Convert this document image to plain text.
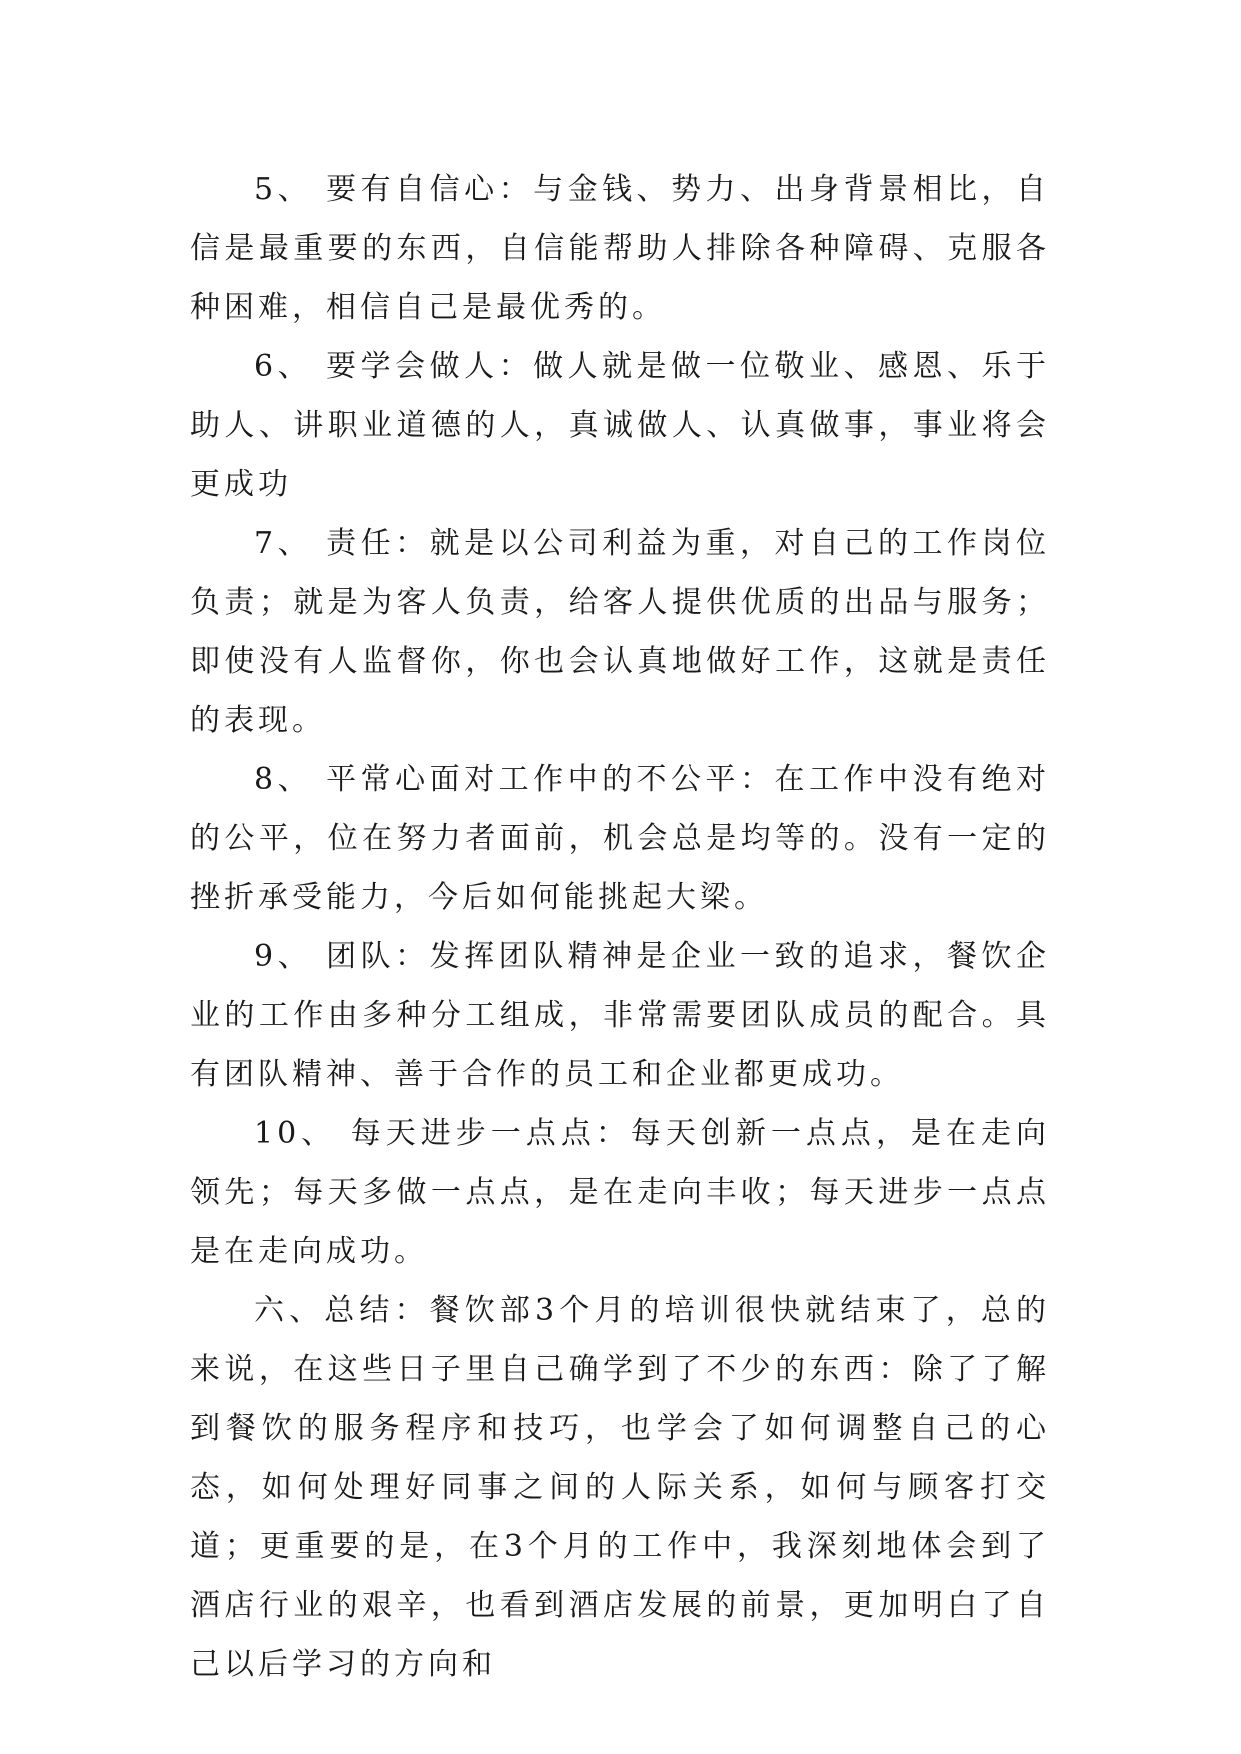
5、 要有自信心：与金钱、势力、出身背景相比，自信是最重要的东西，自信能帮助人排除各种障碍、克服各种困难，相信自己是最优秀的。

6、 要学会做人：做人就是做一位敬业、感恩、乐于助人、讲职业道德的人，真诚做人、认真做事，事业将会更成功

7、 责任：就是以公司利益为重，对自己的工作岗位负责；就是为客人负责，给客人提供优质的出品与服务；即使没有人监督你，你也会认真地做好工作，这就是责任的表现。

8、 平常心面对工作中的不公平：在工作中没有绝对的公平，位在努力者面前，机会总是均等的。没有一定的挫折承受能力，今后如何能挑起大梁。

9、 团队：发挥团队精神是企业一致的追求，餐饮企业的工作由多种分工组成，非常需要团队成员的配合。具有团队精神、善于合作的员工和企业都更成功。

10、 每天进步一点点：每天创新一点点，是在走向领先；每天多做一点点，是在走向丰收；每天进步一点点是在走向成功。

六、总结：餐饮部3个月的培训很快就结束了，总的来说，在这些日子里自己确学到了不少的东西：除了了解到餐饮的服务程序和技巧，也学会了如何调整自己的心态，如何处理好同事之间的人际关系，如何与顾客打交道；更重要的是，在3个月的工作中，我深刻地体会到了酒店行业的艰辛，也看到酒店发展的前景，更加明白了自己以后学习的方向和
